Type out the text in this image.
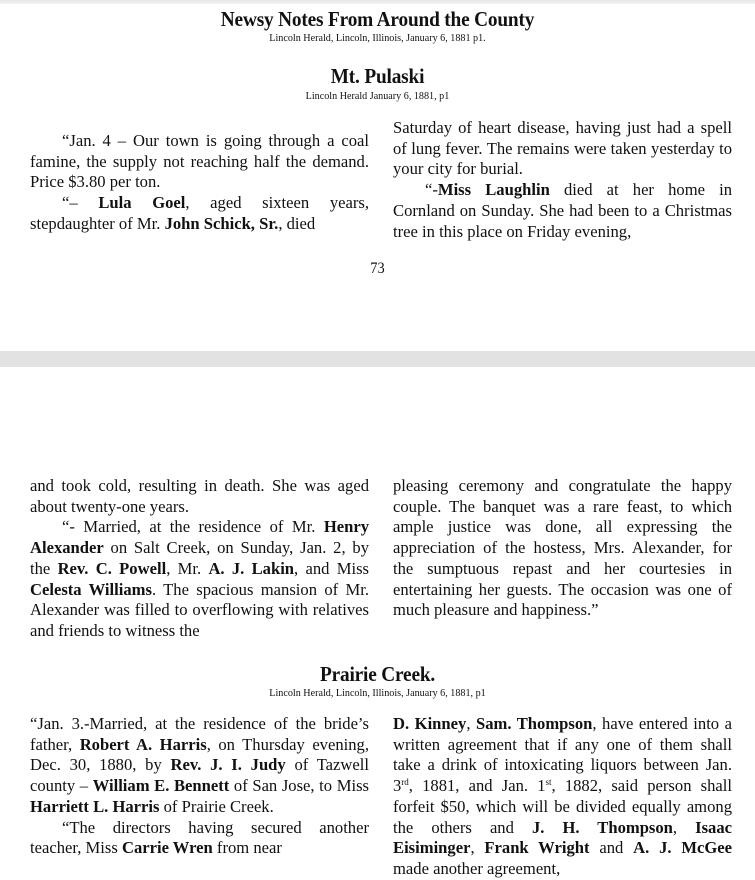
Newsy Notes From Around the County
Lincoln Herald, Lincoln, Illinois, January 6, 1881 p1.
Mt. Pulaski
Lincoln Herald January 6, 1881, p1

“Jan. 4 – Our town is going through a coal famine, the supply not reaching half the demand. Price $3.80 per ton.

“– Lula Goel, aged sixteen years, stepdaughter of Mr. John Schick, Sr., died

Saturday of heart disease, having just had a spell of lung fever. The remains were taken yesterday to your city for burial.

“-Miss Laughlin died at her home in Cornland on Sunday. She had been to a Christmas tree in this place on Friday evening,

73

and took cold, resulting in death. She was aged about twenty-one years.

“- Married, at the residence of Mr. Henry Alexander on Salt Creek, on Sunday, Jan. 2, by the Rev. C. Powell, Mr. A. J. Lakin, and Miss Celesta Williams. The spacious mansion of Mr. Alexander was filled to overflowing with relatives and friends to witness the

pleasing ceremony and congratulate the happy couple. The banquet was a rare feast, to which ample justice was done, all expressing the appreciation of the hostess, Mrs. Alexander, for the sumptuous repast and her courtesies in entertaining her guests. The occasion was one of much pleasure and happiness.”

Prairie Creek.
Lincoln Herald, Lincoln, Illinois, January 6, 1881, p1

“Jan. 3.-Married, at the residence of the bride’s father, Robert A. Harris, on Thursday evening, Dec. 30, 1880, by Rev. J. I. Judy of Tazwell county – William E. Bennett of San Jose, to Miss Harriett L. Harris of Prairie Creek.

“The directors having secured another teacher, Miss Carrie Wren from near

D. Kinney, Sam. Thompson, have entered into a written agreement that if any one of them shall take a drink of intoxicating liquors between Jan. 3rd, 1881, and Jan. 1st, 1882, said person shall forfeit $50, which will be divided equally among the others and J. H. Thompson, Isaac Eisiminger, Frank Wright and A. J. McGee made another agreement,
